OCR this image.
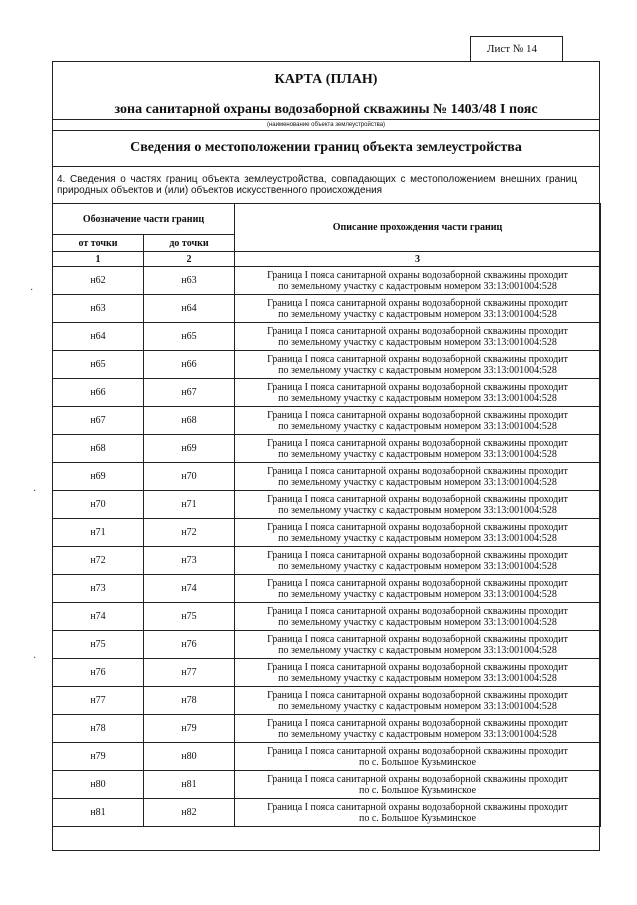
Лист № 14
КАРТА (ПЛАН)
зона санитарной охраны водозаборной скважины № 1403/48 I пояс
(наименование объекта землеустройства)
Сведения о местоположении границ объекта землеустройства
4. Сведения о частях границ объекта землеустройства, совпадающих с местоположением внешних границ природных объектов и (или) объектов искусственного происхождения
Обозначение части границ		Описание прохождения части границ
от точки	до точки	
1	2	3
н62	н63	Граница I пояса санитарной охраны водозаборной скважины проходит
по земельному участку с кадастровым номером 33:13:001004:528

н63	н64	Граница I пояса санитарной охраны водозаборной скважины проходит
по земельному участку с кадастровым номером 33:13:001004:528

н64	н65	Граница I пояса санитарной охраны водозаборной скважины проходит
по земельному участку с кадастровым номером 33:13:001004:528

н65	н66	Граница I пояса санитарной охраны водозаборной скважины проходит
по земельному участку с кадастровым номером 33:13:001004:528

н66	н67	Граница I пояса санитарной охраны водозаборной скважины проходит
по земельному участку с кадастровым номером 33:13:001004:528

н67	н68	Граница I пояса санитарной охраны водозаборной скважины проходит
по земельному участку с кадастровым номером 33:13:001004:528

н68	н69	Граница I пояса санитарной охраны водозаборной скважины проходит
по земельному участку с кадастровым номером 33:13:001004:528

н69	н70	Граница I пояса санитарной охраны водозаборной скважины проходит
по земельному участку с кадастровым номером 33:13:001004:528

н70	н71	Граница I пояса санитарной охраны водозаборной скважины проходит
по земельному участку с кадастровым номером 33:13:001004:528

н71	н72	Граница I пояса санитарной охраны водозаборной скважины проходит
по земельному участку с кадастровым номером 33:13:001004:528

н72	н73	Граница I пояса санитарной охраны водозаборной скважины проходит
по земельному участку с кадастровым номером 33:13:001004:528

н73	н74	Граница I пояса санитарной охраны водозаборной скважины проходит
по земельному участку с кадастровым номером 33:13:001004:528

н74	н75	Граница I пояса санитарной охраны водозаборной скважины проходит
по земельному участку с кадастровым номером 33:13:001004:528

н75	н76	Граница I пояса санитарной охраны водозаборной скважины проходит
по земельному участку с кадастровым номером 33:13:001004:528

н76	н77	Граница I пояса санитарной охраны водозаборной скважины проходит
по земельному участку с кадастровым номером 33:13:001004:528

н77	н78	Граница I пояса санитарной охраны водозаборной скважины проходит
по земельному участку с кадастровым номером 33:13:001004:528

н78	н79	Граница I пояса санитарной охраны водозаборной скважины проходит
по земельному участку с кадастровым номером 33:13:001004:528

н79	н80	Граница I пояса санитарной охраны водозаборной скважины проходит
по с. Большое Кузьминское

н80	н81	Граница I пояса санитарной охраны водозаборной скважины проходит
по с. Большое Кузьминское

н81	н82	Граница I пояса санитарной охраны водозаборной скважины проходит
по с. Большое Кузьминское
·
·
·
